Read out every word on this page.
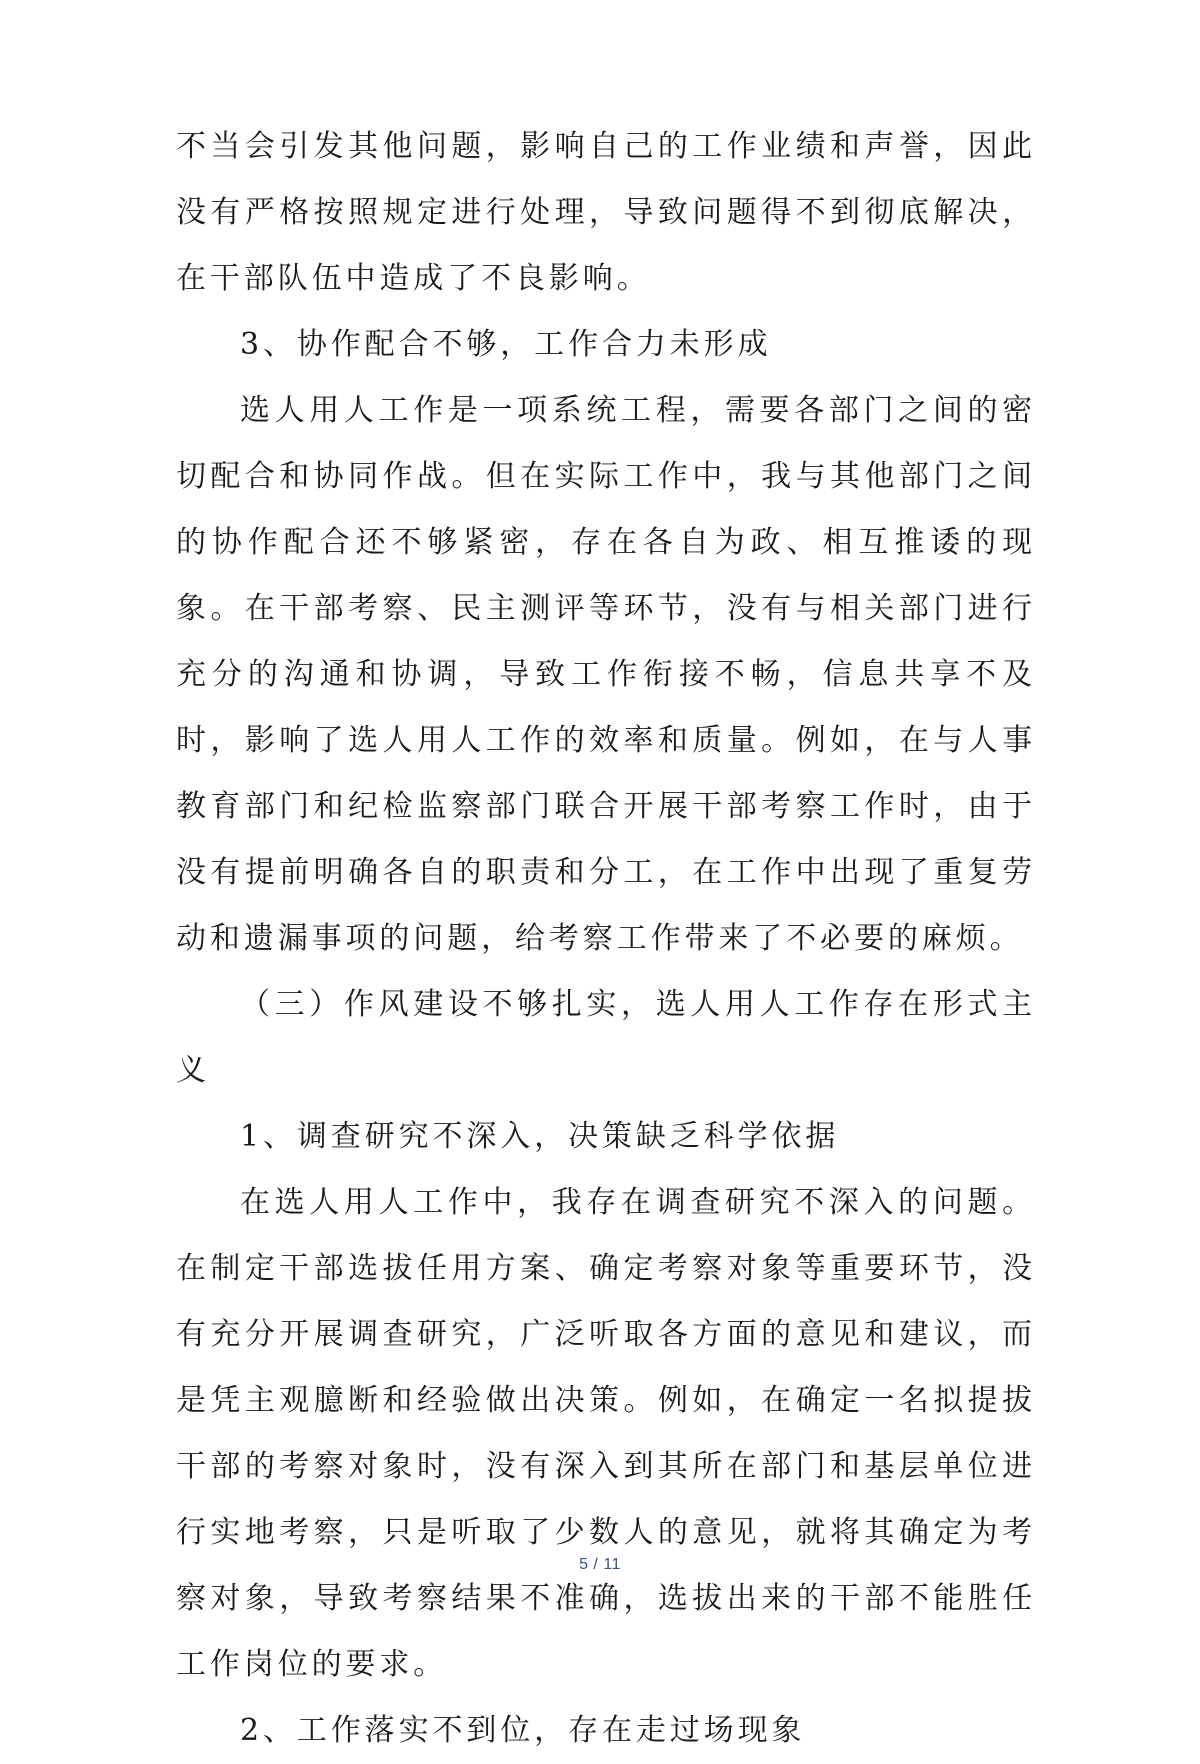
不当会引发其他问题，影响自己的工作业绩和声誉，因此没有严格按照规定进行处理，导致问题得不到彻底解决，在干部队伍中造成了不良影响。

3、协作配合不够，工作合力未形成

选人用人工作是一项系统工程，需要各部门之间的密切配合和协同作战。但在实际工作中，我与其他部门之间的协作配合还不够紧密，存在各自为政、相互推诿的现象。在干部考察、民主测评等环节，没有与相关部门进行充分的沟通和协调，导致工作衔接不畅，信息共享不及时，影响了选人用人工作的效率和质量。例如，在与人事教育部门和纪检监察部门联合开展干部考察工作时，由于没有提前明确各自的职责和分工，在工作中出现了重复劳动和遗漏事项的问题，给考察工作带来了不必要的麻烦。

（三）作风建设不够扎实，选人用人工作存在形式主义

1、调查研究不深入，决策缺乏科学依据

在选人用人工作中，我存在调查研究不深入的问题。在制定干部选拔任用方案、确定考察对象等重要环节，没有充分开展调查研究，广泛听取各方面的意见和建议，而是凭主观臆断和经验做出决策。例如，在确定一名拟提拔干部的考察对象时，没有深入到其所在部门和基层单位进行实地考察，只是听取了少数人的意见，就将其确定为考察对象，导致考察结果不准确，选拔出来的干部不能胜任工作岗位的要求。

2、工作落实不到位，存在走过场现象

5 / 11
